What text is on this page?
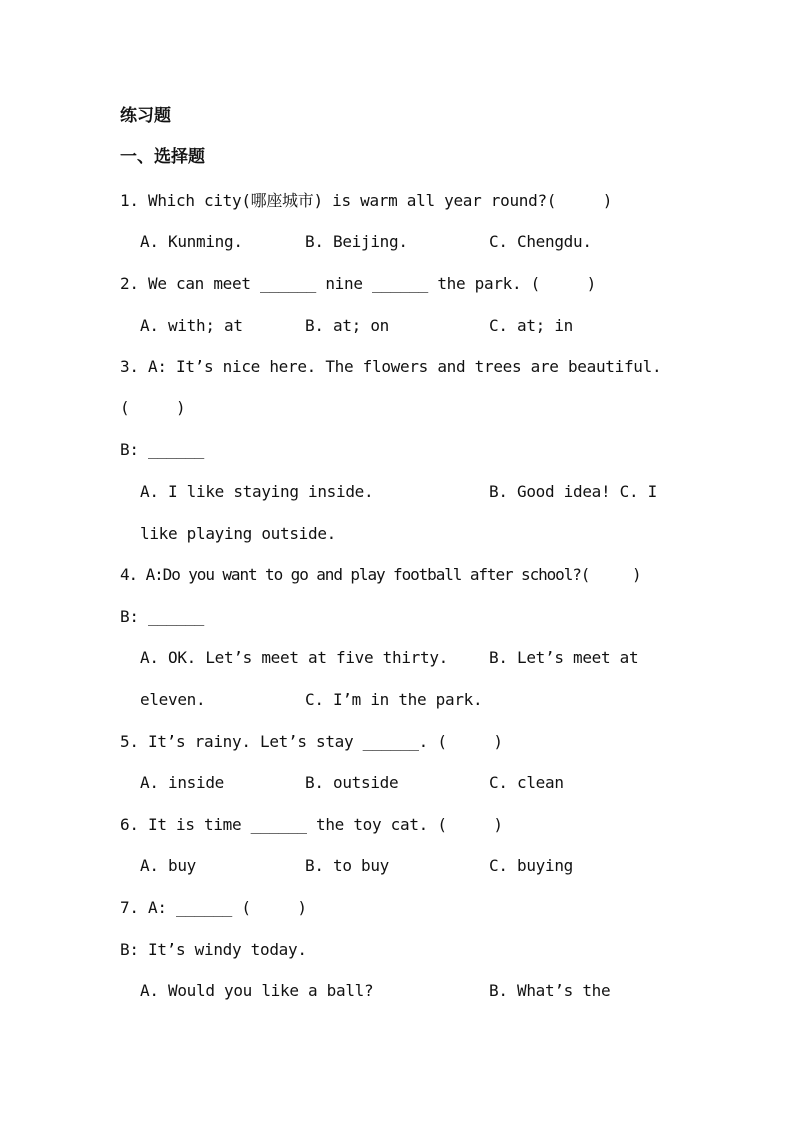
练习题
一、选择题
1. Which city(哪座城市) is warm all year round?(     )
A. Kunming.	B. Beijing.	C. Chengdu.
2. We can meet ______ nine ______ the park. (     )
A. with; at	B. at; on	C. at; in
3. A: It’s nice here. The flowers and trees are beautiful.
(     )
B: ______
A. I like staying inside.	B. Good idea! C. I
like playing outside.
4. A:Do you want to go and play football after school?(     )
B: ______
A. OK. Let’s meet at five thirty.	B. Let’s meet at
eleven.	C. I’m in the park.
5. It’s rainy. Let’s stay ______. (     )
A. inside	B. outside	C. clean
6. It is time ______ the toy cat. (     )
A. buy	B. to buy	C. buying
7. A: ______ (     )
B: It’s windy today.
A. Would you like a ball?	B. What’s the
